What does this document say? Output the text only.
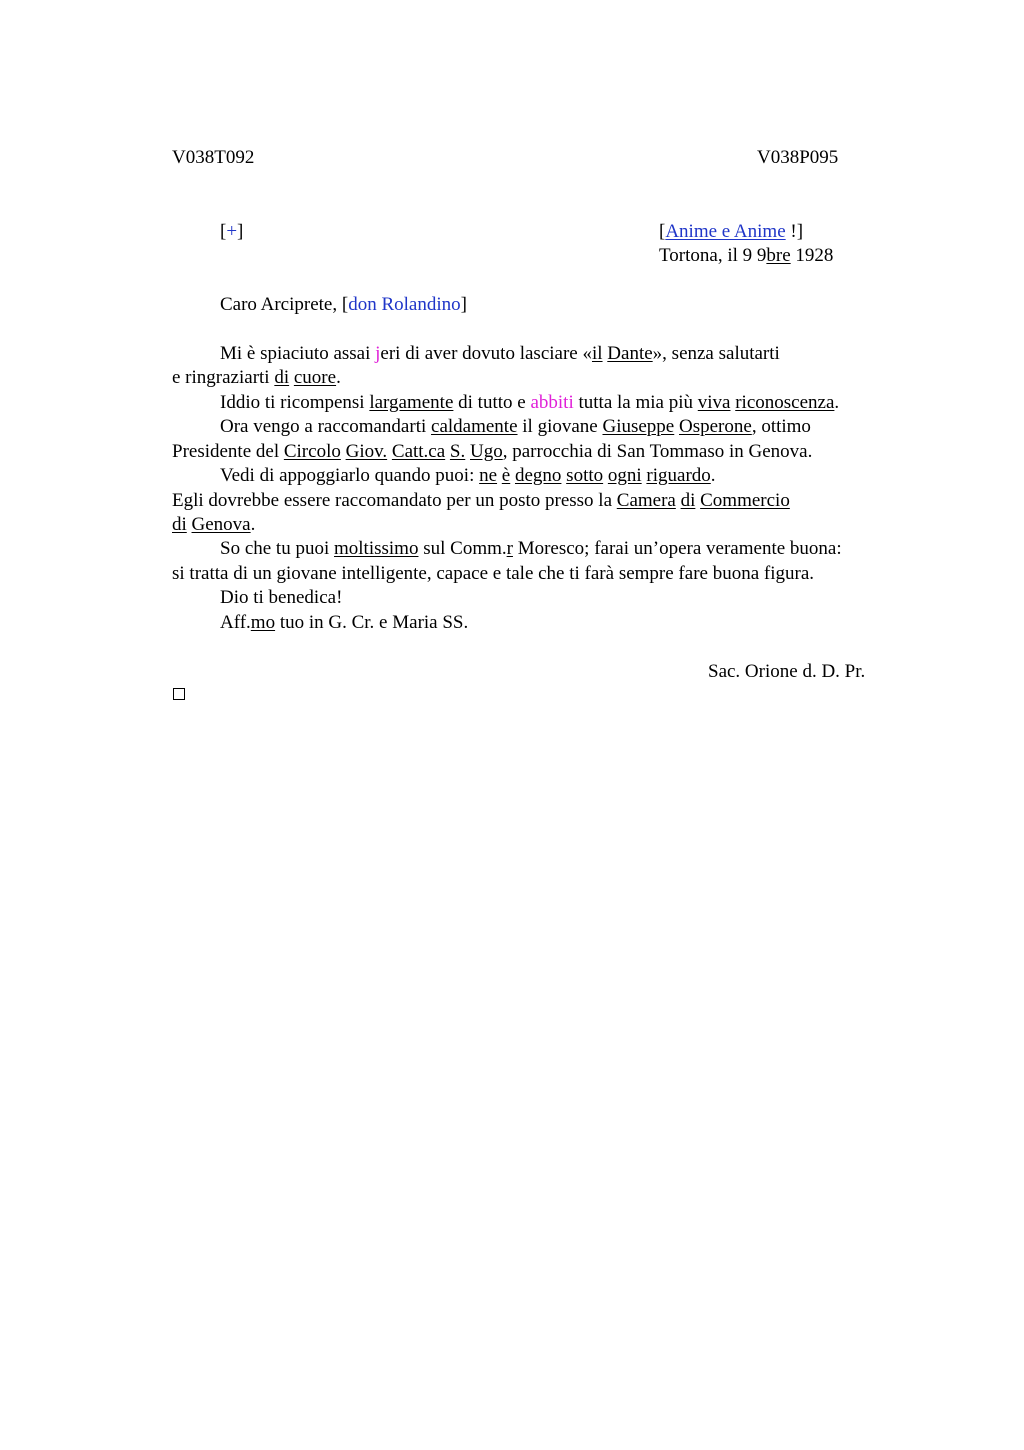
V038T092	V038P095
[+]	[Anime e Anime !]
Tortona, il 9 9bre 1928
Caro Arciprete, [don Rolandino]
Mi è spiaciuto assai jeri di aver dovuto lasciare «il Dante», senza salutarti
e ringraziarti di cuore.
Iddio ti ricompensi largamente di tutto e abbiti tutta la mia più viva riconoscenza.
Ora vengo a raccomandarti caldamente il giovane Giuseppe Osperone, ottimo
Presidente del Circolo Giov. Catt.ca S. Ugo, parrocchia di San Tommaso in Genova.
Vedi di appoggiarlo quando puoi: ne è degno sotto ogni riguardo.
Egli dovrebbe essere raccomandato per un posto presso la Camera di Commercio
di Genova.
So che tu puoi moltissimo sul Comm.r Moresco; farai un’opera veramente buona:
si tratta di un giovane intelligente, capace e tale che ti farà sempre fare buona figura.
Dio ti benedica!
Aff.mo tuo in G. Cr. e Maria SS.
Sac. Orione d. D. Pr.
